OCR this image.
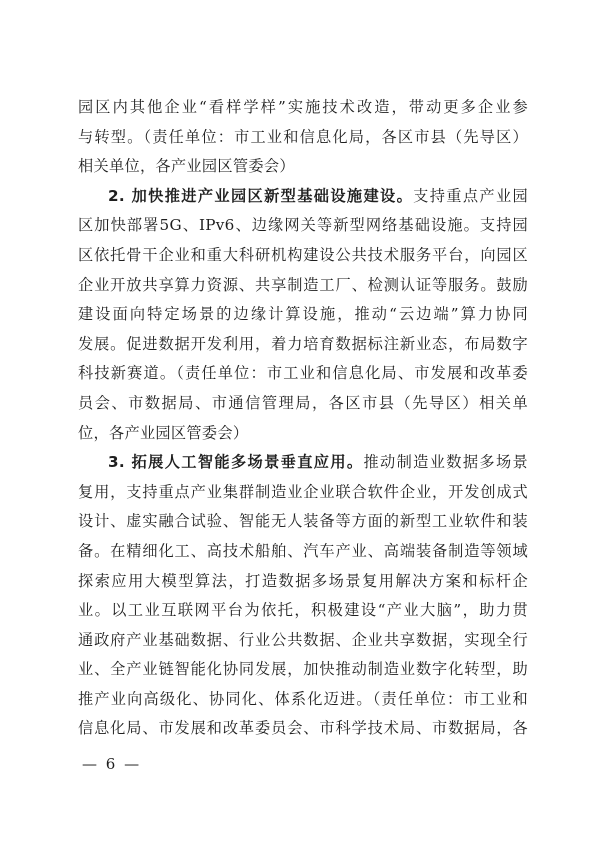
园区内其他企业“看样学样”实施技术改造，带动更多企业参
与转型。（责任单位：市工业和信息化局，各区市县（先导区）
相关单位，各产业园区管委会）
2. 加快推进产业园区新型基础设施建设。支持重点产业园
区加快部署5G、IPv6、边缘网关等新型网络基础设施。支持园
区依托骨干企业和重大科研机构建设公共技术服务平台，向园区
企业开放共享算力资源、共享制造工厂、检测认证等服务。鼓励
建设面向特定场景的边缘计算设施，推动“云边端”算力协同
发展。促进数据开发利用，着力培育数据标注新业态，布局数字
科技新赛道。（责任单位：市工业和信息化局、市发展和改革委
员会、市数据局、市通信管理局，各区市县（先导区）相关单
位，各产业园区管委会）
3. 拓展人工智能多场景垂直应用。推动制造业数据多场景
复用，支持重点产业集群制造业企业联合软件企业，开发创成式
设计、虚实融合试验、智能无人装备等方面的新型工业软件和装
备。在精细化工、高技术船舶、汽车产业、高端装备制造等领域
探索应用大模型算法，打造数据多场景复用解决方案和标杆企
业。以工业互联网平台为依托，积极建设“产业大脑”，助力贯
通政府产业基础数据、行业公共数据、企业共享数据，实现全行
业、全产业链智能化协同发展，加快推动制造业数字化转型，助
推产业向高级化、协同化、体系化迈进。（责任单位：市工业和
信息化局、市发展和改革委员会、市科学技术局、市数据局，各
— 6 —
